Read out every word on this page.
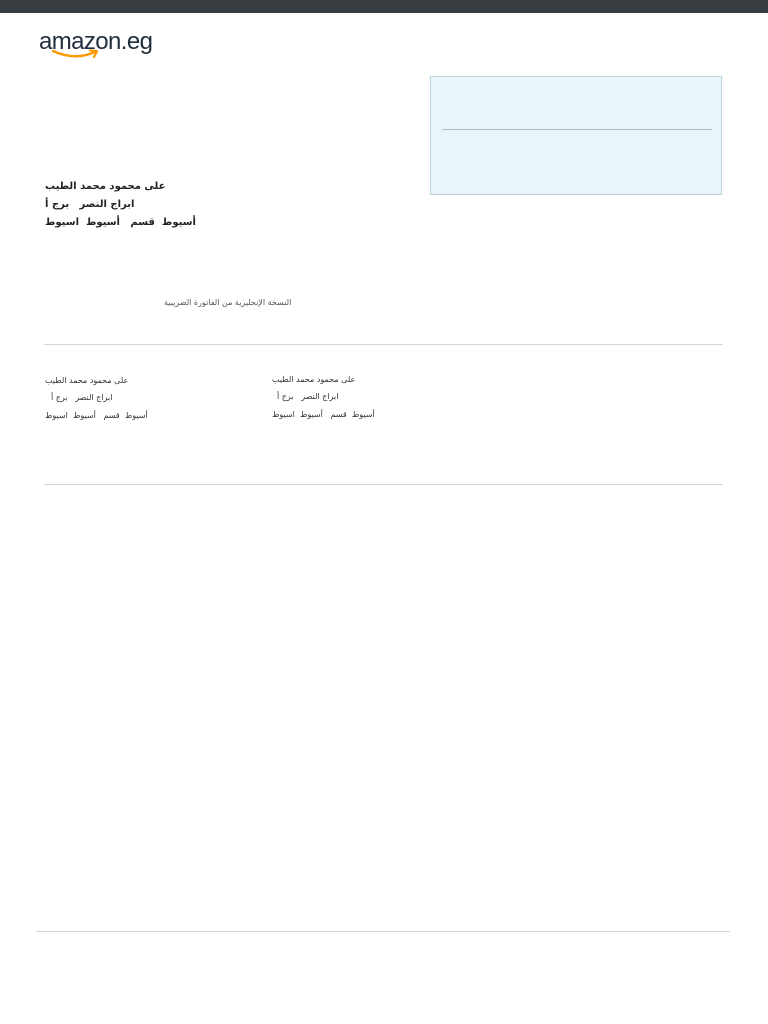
amazon.eg
على محمود محمد الطيب
ابراج النصر   برج أ
أسيوط  قسم   أسيوط  اسيوط
النسخة الإنجليزية من الفاتورة الضريبية
على محمود محمد الطيب
ابراج النصر   برج أ
أسيوط  قسم   أسيوط  اسيوط
على محمود محمد الطيب
ابراج النصر   برج أ
أسيوط  قسم   أسيوط  اسيوط
